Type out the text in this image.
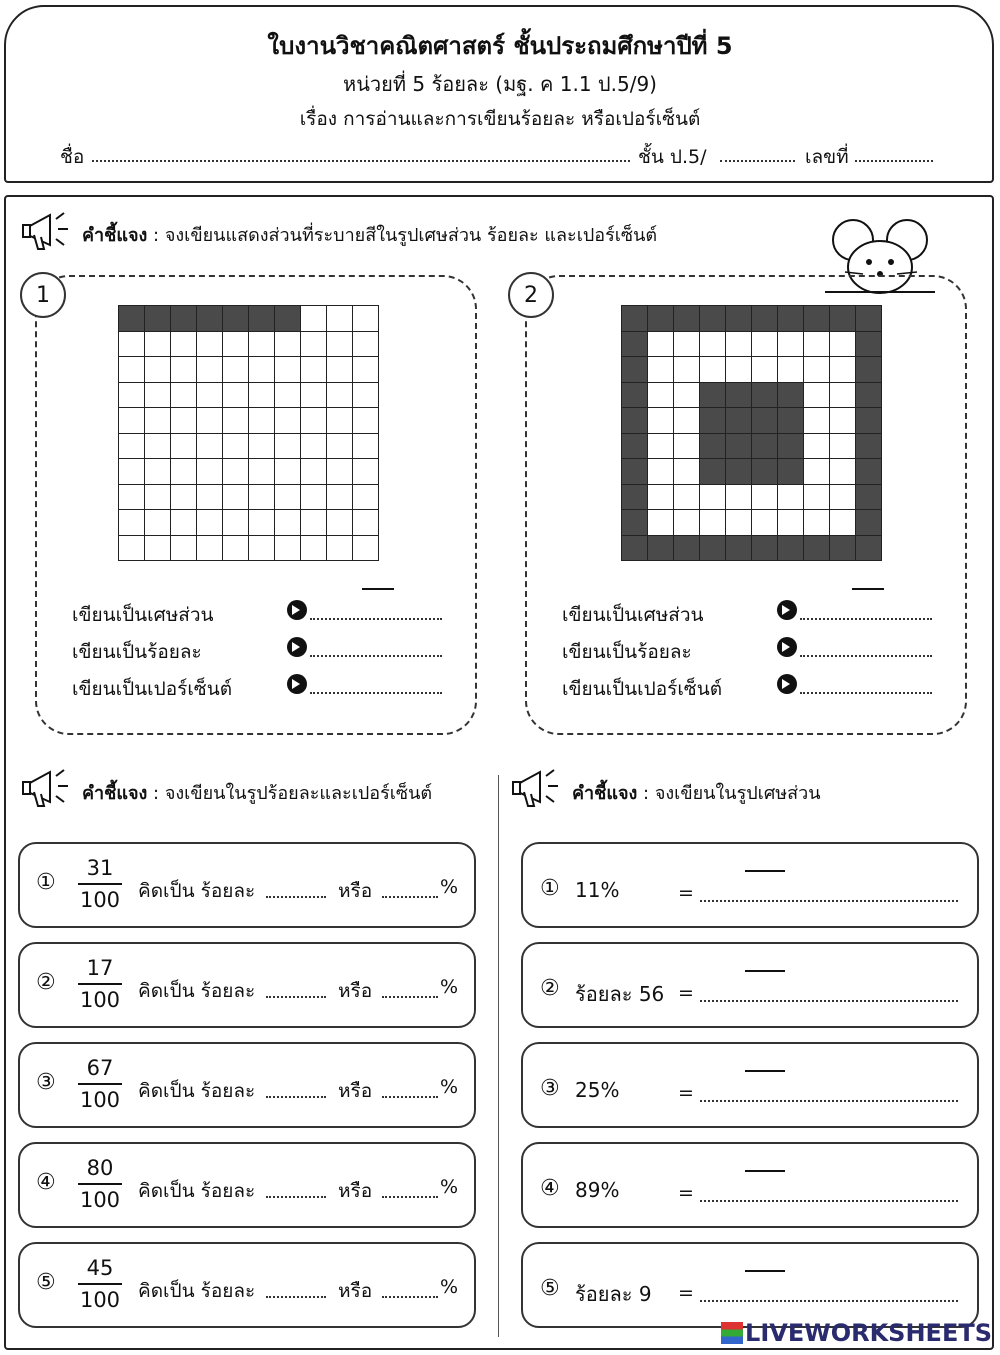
ใบงานวิชาคณิตศาสตร์ ชั้นประถมศึกษาปีที่ 5
หน่วยที่ 5 ร้อยละ (มฐ. ค 1.1 ป.5/9)
เรื่อง การอ่านและการเขียนร้อยละ หรือเปอร์เซ็นต์
ชื่อ	ชั้น ป.5/	เลขที่
คำชี้แจง : จงเขียนแสดงส่วนที่ระบายสีในรูปเศษส่วน ร้อยละ และเปอร์เซ็นต์
1
เขียนเป็นเศษส่วน
เขียนเป็นร้อยละ
เขียนเป็นเปอร์เซ็นต์
2
เขียนเป็นเศษส่วน
เขียนเป็นร้อยละ
เขียนเป็นเปอร์เซ็นต์
คำชี้แจง : จงเขียนในรูปร้อยละและเปอร์เซ็นต์	คำชี้แจง : จงเขียนในรูปเศษส่วน
①
31
100 คิดเป็น ร้อยละ	หรือ	%
②
17
100 คิดเป็น ร้อยละ	หรือ	%
③
67
100 คิดเป็น ร้อยละ	หรือ	%
④
80
100 คิดเป็น ร้อยละ	หรือ	%
⑤
45
100 คิดเป็น ร้อยละ	หรือ	%
① 11%	=
② ร้อยละ 56 =
③ 25%	=
④ 89%	=
⑤ ร้อยละ 9 =
LIVEWORKSHEETS
